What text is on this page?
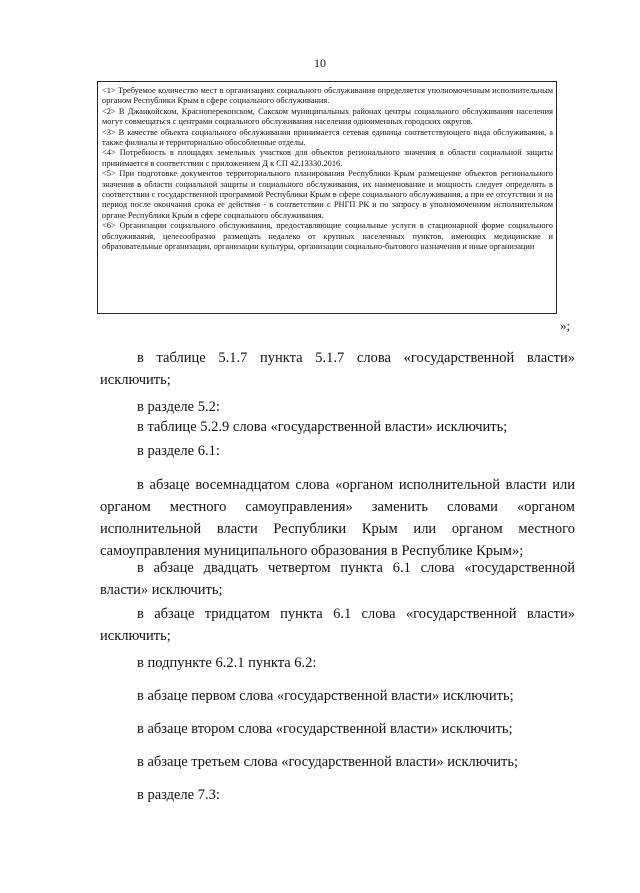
10

<1> Требуемое количество мест в организациях социального обслуживания определяется уполномоченным исполнительным органом Республики Крым в сфере социального обслуживания.

<2> В Джанкойском, Красноперекопском, Сакском муниципальных районах центры социального обслуживания населения могут совмещаться с центрами социального обслуживания населения одноименных городских округов.

<3> В качестве объекта социального обслуживания принимается сетевая единица соответствующего вида обслуживания, а также филиалы и территориально обособленные отделы.

<4> Потребность в площадях земельных участков для объектов регионального значения в области социальной защиты принимается в соответствии с приложением Д к СП 42.13330.2016.

<5> При подготовке документов территориального планирования Республики Крым размещение объектов регионального значения в области социальной защиты и социального обслуживания, их наименование и мощность следует определять в соответствии с государственной программой Республики Крым в сфере социального обслуживания, а при ее отсутствии и на период после окончания срока ее действия - в соответствии с РНГП РК и по запросу в уполномоченном исполнительном органе Республики Крым в сфере социального обслуживания.

<6> Организации социального обслуживания, предоставляющие социальные услуги в стационарной форме социального обслуживания, целесообразно размещать недалеко от крупных населенных пунктов, имеющих медицинские и образовательные организации, организации культуры, организации социально-бытового назначения и иные организации

»;

в таблице 5.1.7 пункта 5.1.7 слова «государственной власти» исключить;

в разделе 5.2:

в таблице 5.2.9 слова «государственной власти» исключить;

в разделе 6.1:

в абзаце восемнадцатом слова «органом исполнительной власти или органом местного самоуправления» заменить словами «органом исполнительной власти Республики Крым или органом местного самоуправления муниципального образования в Республике Крым»;

в абзаце двадцать четвертом пункта 6.1 слова «государственной власти» исключить;

в абзаце тридцатом пункта 6.1 слова «государственной власти» исключить;

в подпункте 6.2.1 пункта 6.2:

в абзаце первом слова «государственной власти» исключить;

в абзаце втором слова «государственной власти» исключить;

в абзаце третьем слова «государственной власти» исключить;

в разделе 7.3:
